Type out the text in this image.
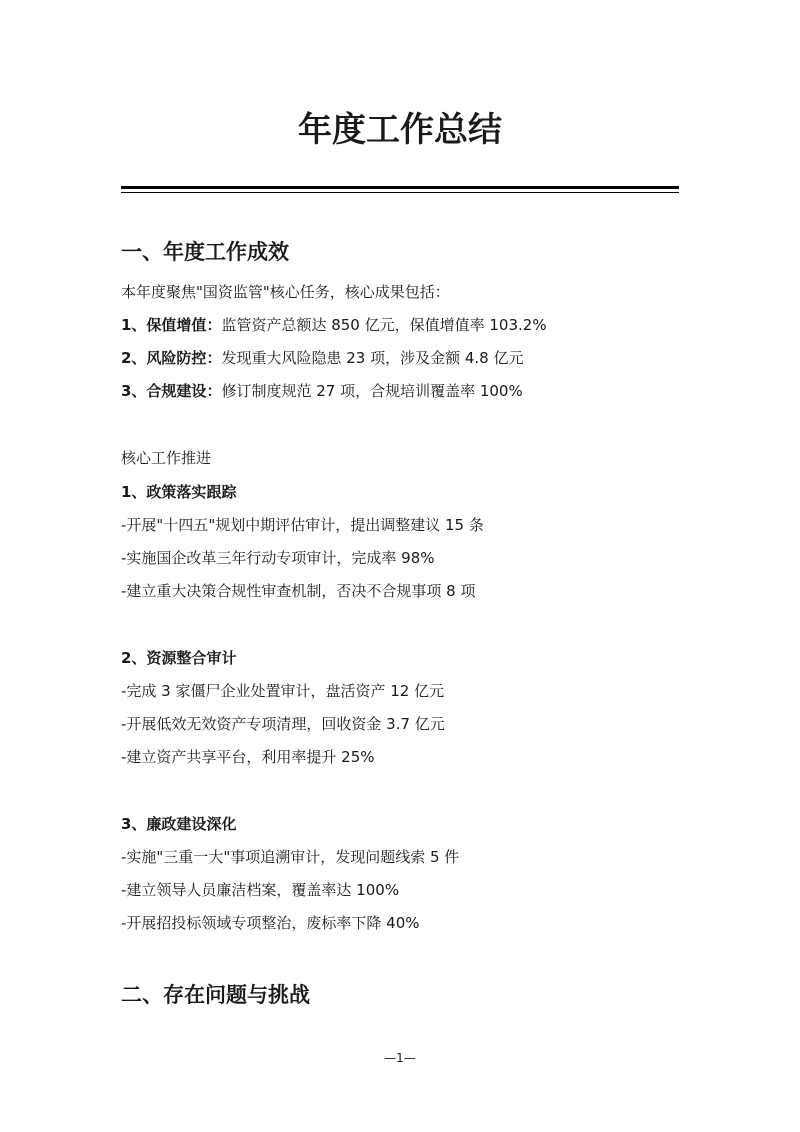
年度工作总结
一、年度工作成效

本年度聚焦"国资监管"核心任务，核心成果包括：

1、保值增值：监管资产总额达 850 亿元，保值增值率 103.2%

2、风险防控：发现重大风险隐患 23 项，涉及金额 4.8 亿元

3、合规建设：修订制度规范 27 项，合规培训覆盖率 100%

核心工作推进

1、政策落实跟踪

-开展"十四五"规划中期评估审计，提出调整建议 15 条

-实施国企改革三年行动专项审计，完成率 98%

-建立重大决策合规性审查机制，否决不合规事项 8 项

2、资源整合审计

-完成 3 家僵尸企业处置审计，盘活资产 12 亿元

-开展低效无效资产专项清理，回收资金 3.7 亿元

-建立资产共享平台，利用率提升 25%

3、廉政建设深化

-实施"三重一大"事项追溯审计，发现问题线索 5 件

-建立领导人员廉洁档案，覆盖率达 100%

-开展招投标领域专项整治，废标率下降 40%

二、存在问题与挑战
—1—
